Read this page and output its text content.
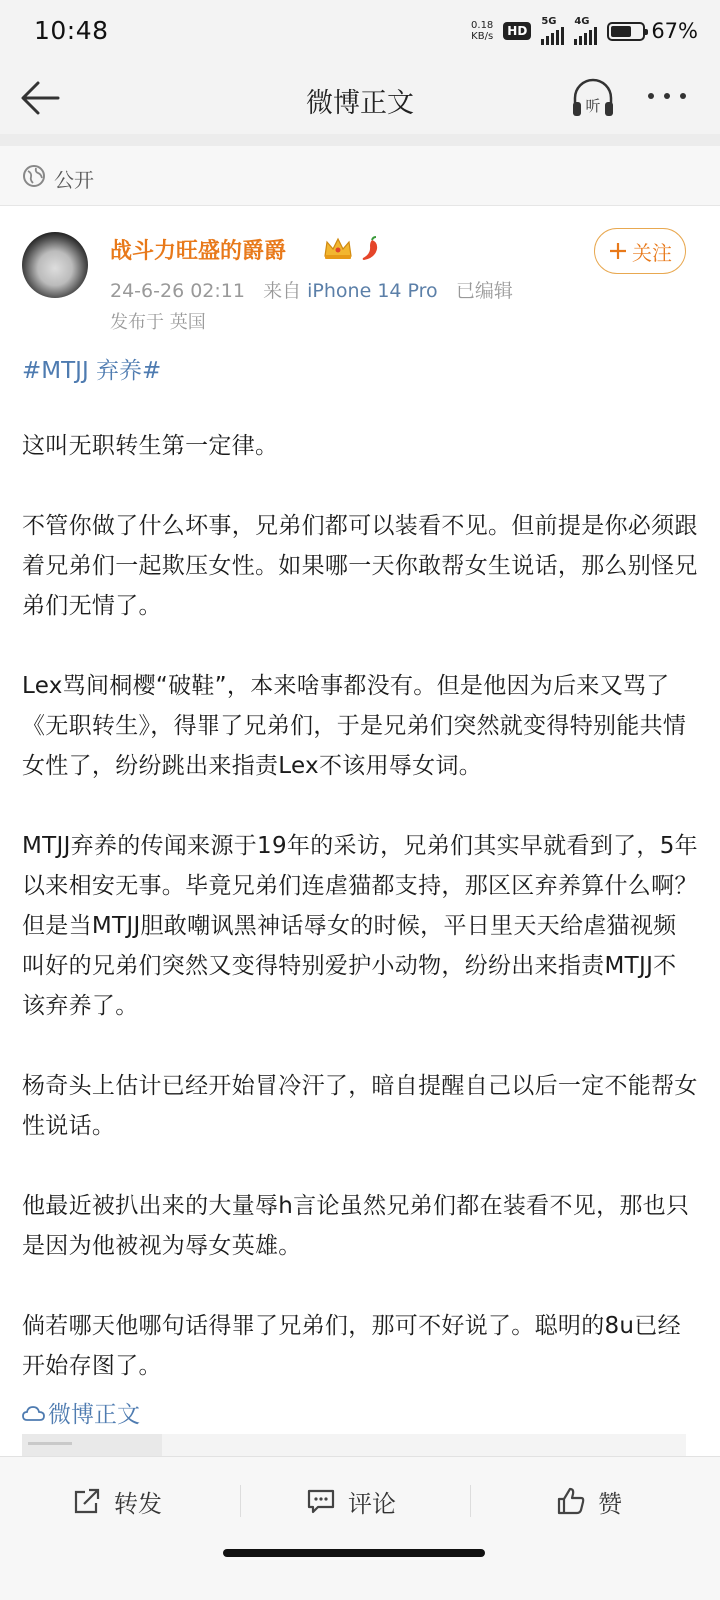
10:48	0.18
KB/s	HD
5G 4G	67%
微博正文	听
公开
战斗力旺盛的爵爵
24-6-26 02:11 来自 iPhone 14 Pro 已编辑
发布于 英国
关注
#MTJJ 弃养#

这叫无职转生第一定律。

不管你做了什么坏事，兄弟们都可以装看不见。但前提是你必须跟着兄弟们一起欺压女性。如果哪一天你敢帮女生说话，那么别怪兄弟们无情了。

Lex骂间桐樱“破鞋”，本来啥事都没有。但是他因为后来又骂了《无职转生》，得罪了兄弟们，于是兄弟们突然就变得特别能共情女性了，纷纷跳出来指责Lex不该用辱女词。

MTJJ弃养的传闻来源于19年的采访，兄弟们其实早就看到了，5年以来相安无事。毕竟兄弟们连虐猫都支持，那区区弃养算什么啊？但是当MTJJ胆敢嘲讽黑神话辱女的时候，平日里天天给虐猫视频叫好的兄弟们突然又变得特别爱护小动物，纷纷出来指责MTJJ不该弃养了。

杨奇头上估计已经开始冒冷汗了，暗自提醒自己以后一定不能帮女性说话。

他最近被扒出来的大量辱h言论虽然兄弟们都在装看不见，那也只是因为他被视为辱女英雄。

倘若哪天他哪句话得罪了兄弟们，那可不好说了。聪明的8u已经开始存图了。

微博正文
转发	评论	赞
